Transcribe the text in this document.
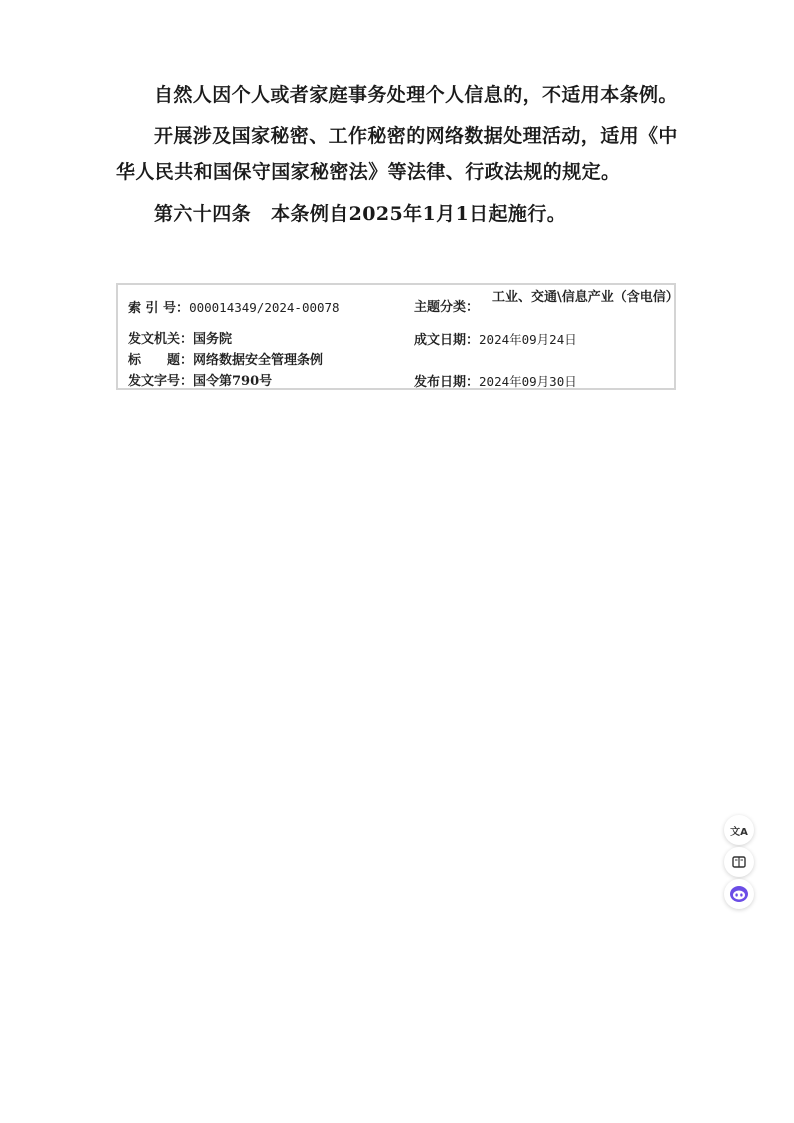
自然人因个人或者家庭事务处理个人信息的，不适用本条例。

开展涉及国家秘密、工作秘密的网络数据处理活动，适用《中华人民共和国保守国家秘密法》等法律、行政法规的规定。

第六十四条 本条例自2025年1月1日起施行。

索 引 号：000014349/2024-00078	主题分类：
工业、交通\信息产业（含电信）
发文机关：国务院	成文日期：2024年09月24日
标　　题：网络数据安全管理条例
发文字号：国令第790号	发布日期：2024年09月30日
文A
